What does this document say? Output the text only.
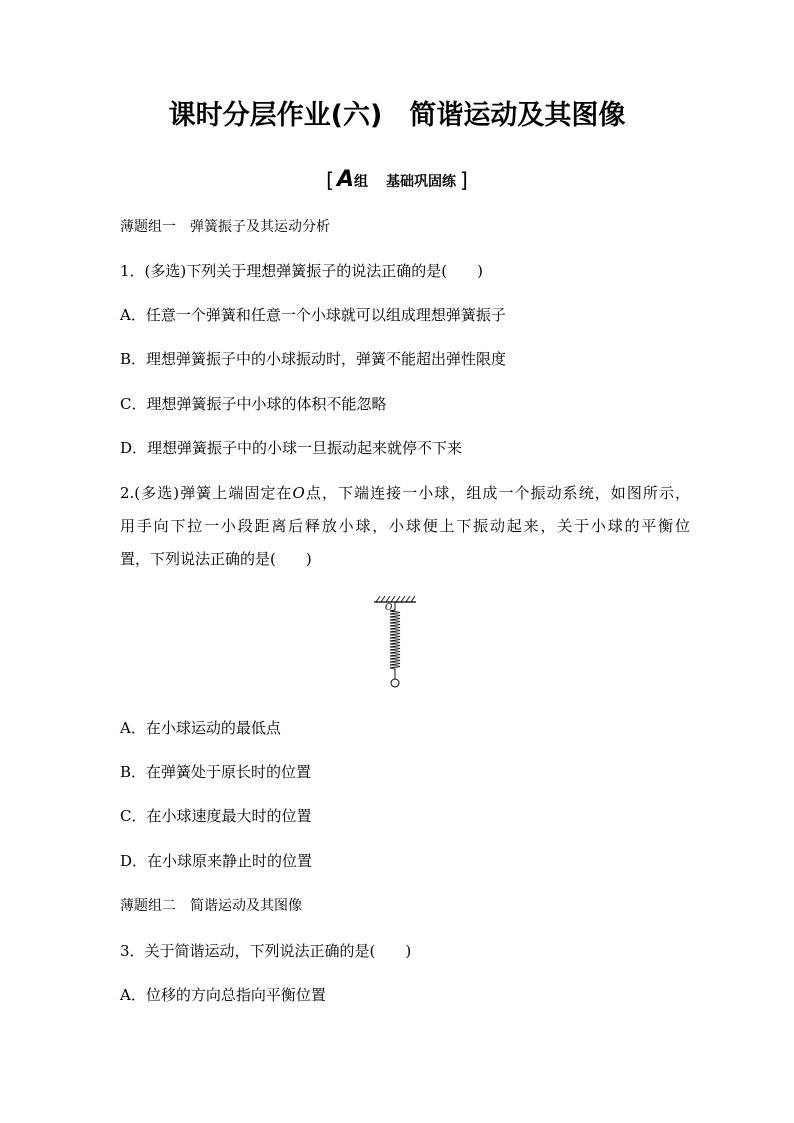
课时分层作业(六)　简谐运动及其图像
[ A组 基础巩固练 ]
薄题组一　弹簧振子及其运动分析
1．(多选)下列关于理想弹簧振子的说法正确的是(　　)
A．任意一个弹簧和任意一个小球就可以组成理想弹簧振子
B．理想弹簧振子中的小球振动时，弹簧不能超出弹性限度
C．理想弹簧振子中小球的体积不能忽略
D．理想弹簧振子中的小球一旦振动起来就停不下来
2.(多选)弹簧上端固定在O点，下端连接一小球，组成一个振动系统，如图所示，
用手向下拉一小段距离后释放小球，小球便上下振动起来，关于小球的平衡位
置，下列说法正确的是(　　)
O
A．在小球运动的最低点
B．在弹簧处于原长时的位置
C．在小球速度最大时的位置
D．在小球原来静止时的位置
薄题组二　简谐运动及其图像
3．关于简谐运动，下列说法正确的是(　　)
A．位移的方向总指向平衡位置
